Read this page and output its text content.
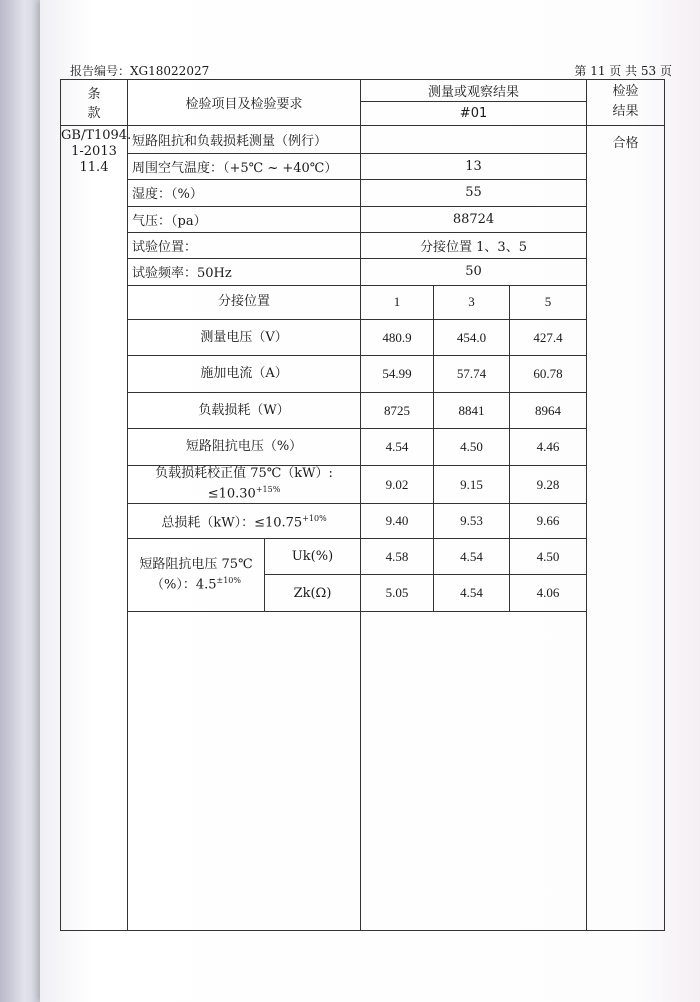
报告编号：XG18022027	第 11 页 共 53 页
条款	检验项目及检验要求		测量或观察结果			检验
结果

			#01			

GB/T1094.
1-2013
11.4	短路阻抗和负载损耗测量（例行）					合格
	周围空气温度：（+5℃ ~ +40℃）		13			
	湿度：（%）		55			
	气压：（pa）		88724			
	试验位置：		分接位置 1、3、5			
	试验频率：50Hz		50			
	分接位置		1	3	5	
	测量电压（V）		480.9	454.0	427.4	
	施加电流（A）		54.99	57.74	60.78	
	负载损耗（W）		8725	8841	8964	
	短路阻抗电压（%）		4.54	4.50	4.46	

	负载损耗校正值 75℃（kW）:
$\le 10.30^{+15\%}$		9.02	9.15	9.28	
	总损耗（kW）：$\le 10.75^{+10\%}$		9.40	9.53	9.66	

	短路阻抗电压 75℃
（%）：$4.5^{\pm 10\%}$	Uk(%)	4.58	4.54	4.50	
		Zk(Ω)	5.05	4.54	4.06	
